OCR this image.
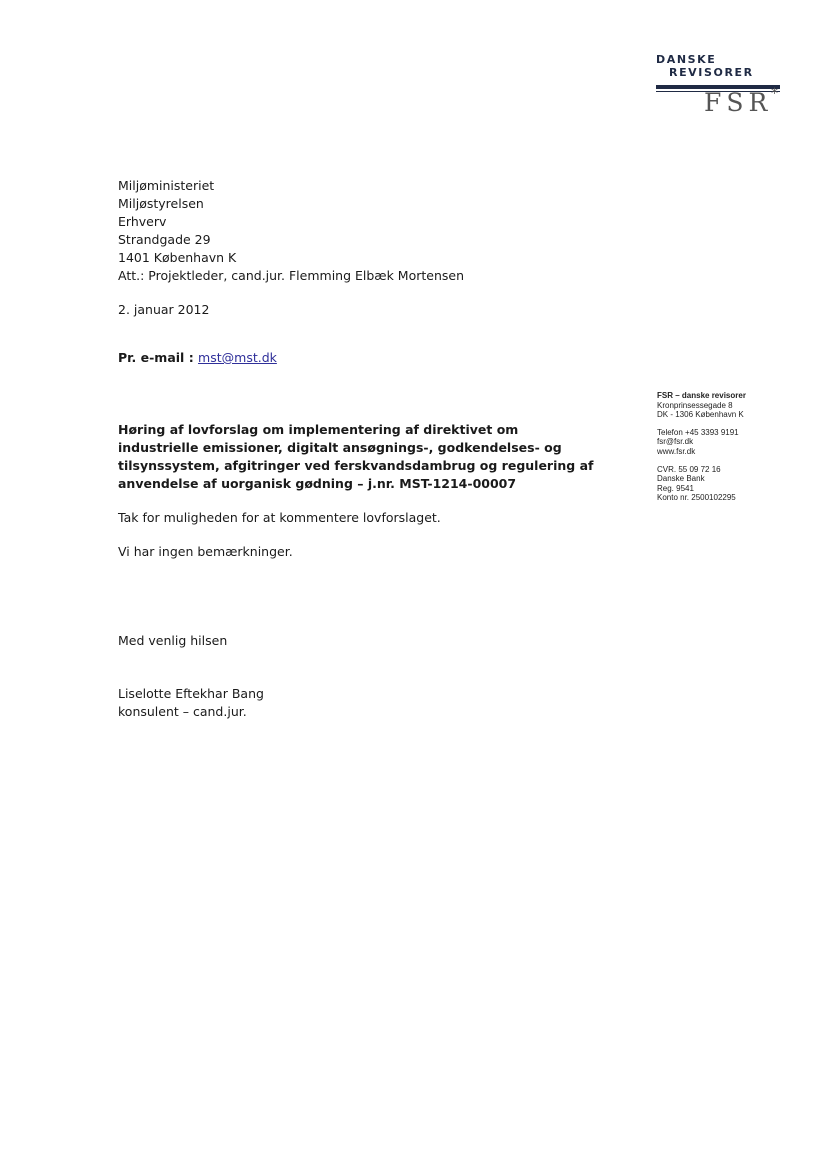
DANSKE
REVISORER
FSR
*
Miljøministeriet
Miljøstyrelsen
Erhverv
Strandgade 29
1401 København K
Att.: Projektleder, cand.jur. Flemming Elbæk Mortensen
2. januar 2012
Pr. e-mail : mst@mst.dk
FSR – danske revisorer
Kronprinsessegade 8
DK - 1306 København K
Telefon +45 3393 9191
fsr@fsr.dk
www.fsr.dk
CVR. 55 09 72 16
Danske Bank
Reg. 9541
Konto nr. 2500102295
Høring af lovforslag om implementering af direktivet om industrielle emissioner, digitalt ansøgnings-, godkendelses- og tilsynssystem, afgitringer ved ferskvandsdambrug og regulering af anvendelse af uorganisk gødning – j.nr. MST-1214-00007
Tak for muligheden for at kommentere lovforslaget.
Vi har ingen bemærkninger.
Med venlig hilsen
Liselotte Eftekhar Bang
konsulent – cand.jur.
